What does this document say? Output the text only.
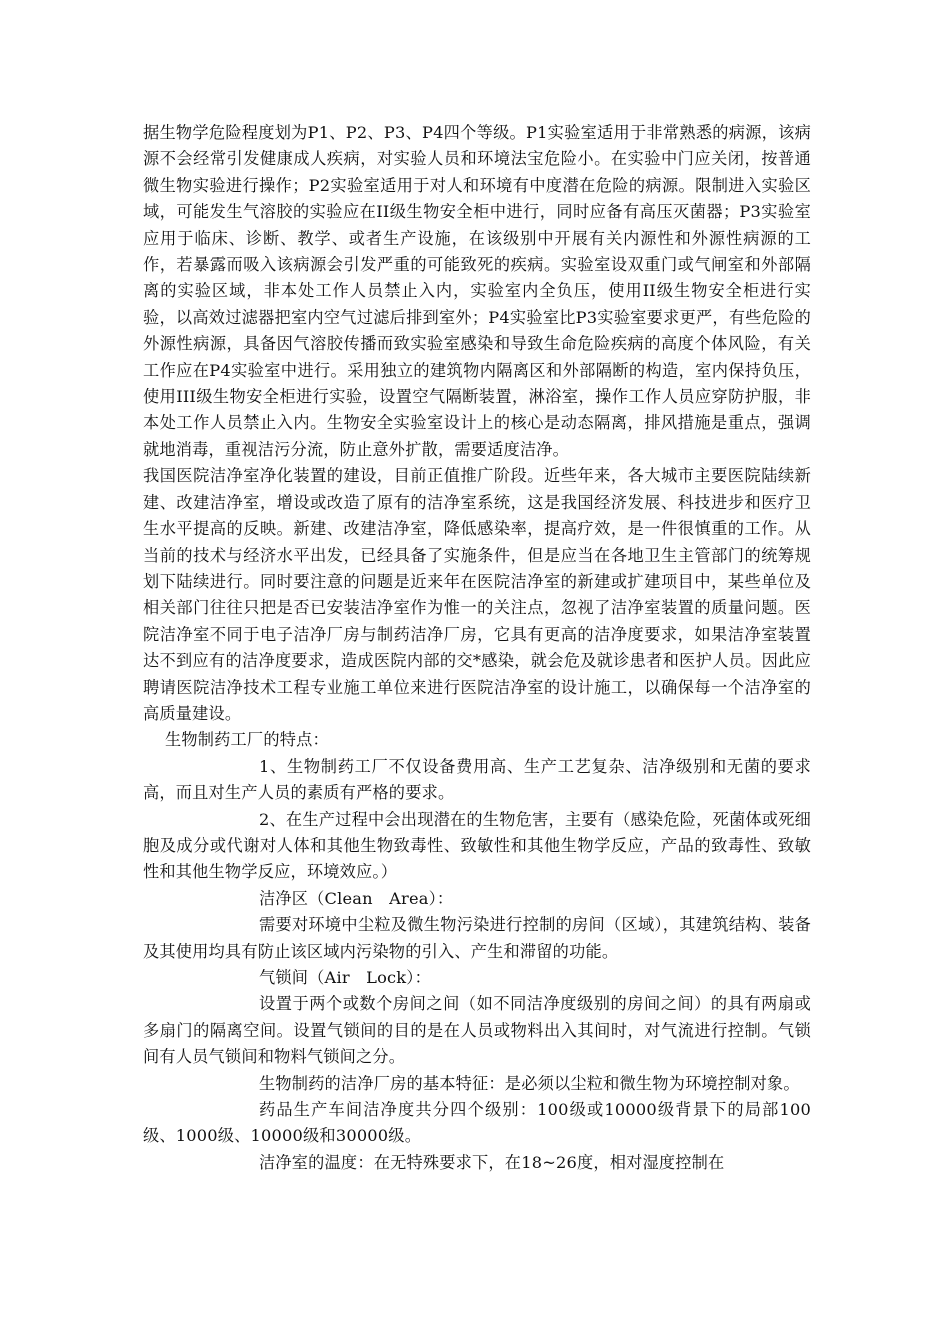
据生物学危险程度划为P1、P2、P3、P4四个等级。P1实验室适用于非常熟悉的病源，该病源不会经常引发健康成人疾病，对实验人员和环境法宝危险小。在实验中门应关闭，按普通微生物实验进行操作；P2实验室适用于对人和环境有中度潜在危险的病源。限制进入实验区域，可能发生气溶胶的实验应在II级生物安全柜中进行，同时应备有高压灭菌器；P3实验室应用于临床、诊断、教学、或者生产设施，在该级别中开展有关内源性和外源性病源的工作，若暴露而吸入该病源会引发严重的可能致死的疾病。实验室设双重门或气闸室和外部隔离的实验区域，非本处工作人员禁止入内，实验室内全负压，使用II级生物安全柜进行实验，以高效过滤器把室内空气过滤后排到室外；P4实验室比P3实验室要求更严，有些危险的外源性病源，具备因气溶胶传播而致实验室感染和导致生命危险疾病的高度个体风险，有关工作应在P4实验室中进行。采用独立的建筑物内隔离区和外部隔断的构造，室内保持负压，使用III级生物安全柜进行实验，设置空气隔断装置，淋浴室，操作工作人员应穿防护服，非本处工作人员禁止入内。生物安全实验室设计上的核心是动态隔离，排风措施是重点，强调就地消毒，重视洁污分流，防止意外扩散，需要适度洁净。

我国医院洁净室净化装置的建设，目前正值推广阶段。近些年来，各大城市主要医院陆续新建、改建洁净室，增设或改造了原有的洁净室系统，这是我国经济发展、科技进步和医疗卫生水平提高的反映。新建、改建洁净室，降低感染率，提高疗效，是一件很慎重的工作。从当前的技术与经济水平出发，已经具备了实施条件，但是应当在各地卫生主管部门的统筹规划下陆续进行。同时要注意的问题是近来年在医院洁净室的新建或扩建项目中，某些单位及相关部门往往只把是否已安装洁净室作为惟一的关注点，忽视了洁净室装置的质量问题。医院洁净室不同于电子洁净厂房与制药洁净厂房，它具有更高的洁净度要求，如果洁净室装置达不到应有的洁净度要求，造成医院内部的交*感染，就会危及就诊患者和医护人员。因此应聘请医院洁净技术工程专业施工单位来进行医院洁净室的设计施工，以确保每一个洁净室的高质量建设。

生物制药工厂的特点：

1、生物制药工厂不仅设备费用高、生产工艺复杂、洁净级别和无菌的要求高，而且对生产人员的素质有严格的要求。

2、在生产过程中会出现潜在的生物危害，主要有（感染危险，死菌体或死细胞及成分或代谢对人体和其他生物致毒性、致敏性和其他生物学反应，产品的致毒性、致敏性和其他生物学反应，环境效应。）

洁净区（Clean　Area）：

需要对环境中尘粒及微生物污染进行控制的房间（区域），其建筑结构、装备及其使用均具有防止该区域内污染物的引入、产生和滞留的功能。

气锁间（Air　Lock）：

设置于两个或数个房间之间（如不同洁净度级别的房间之间）的具有两扇或多扇门的隔离空间。设置气锁间的目的是在人员或物料出入其间时，对气流进行控制。气锁间有人员气锁间和物料气锁间之分。

生物制药的洁净厂房的基本特征：是必须以尘粒和微生物为环境控制对象。

药品生产车间洁净度共分四个级别：100级或10000级背景下的局部100级、1000级、10000级和30000级。

洁净室的温度：在无特殊要求下，在18~26度，相对湿度控制在
